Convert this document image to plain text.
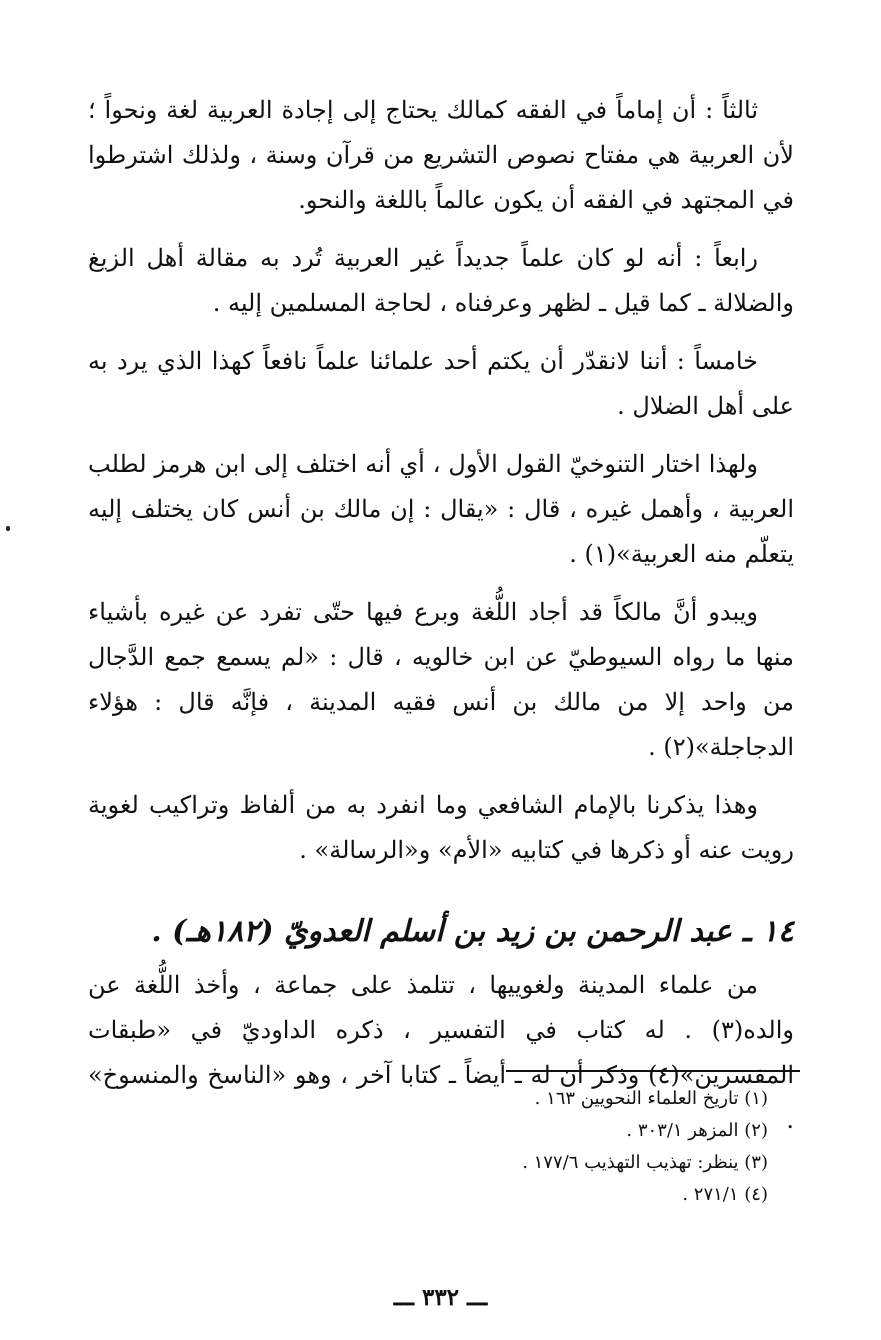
ثالثاً : أن إماماً في الفقه كمالك يحتاج إلى إجادة العربية لغة ونحواً ؛ لأن العربية هي مفتاح نصوص التشريع من قرآن وسنة ، ولذلك اشترطوا في المجتهد في الفقه أن يكون عالماً باللغة والنحو.

رابعاً : أنه لو كان علماً جديداً غير العربية تُرد به مقالة أهل الزيغ والضلالة ـ كما قيل ـ لظهر وعرفناه ، لحاجة المسلمين إليه .

خامساً : أننا لانقدّر أن يكتم أحد علمائنا علماً نافعاً كهذا الذي يرد به على أهل الضلال .

ولهذا اختار التنوخيّ القول الأول ، أي أنه اختلف إلى ابن هرمز لطلب العربية ، وأهمل غيره ، قال : «يقال : إن مالك بن أنس كان يختلف إليه يتعلّم منه العربية»(١) .

ويبدو أنَّ مالكاً قد أجاد اللُّغة وبرع فيها حتّى تفرد عن غيره بأشياء منها ما رواه السيوطيّ عن ابن خالويه ، قال : «لم يسمع جمع الدَّجال من واحد إلا من مالك بن أنس فقيه المدينة ، فإنَّه قال : هؤلاء الدجاجلة»(٢) .

وهذا يذكرنا بالإمام الشافعي وما انفرد به من ألفاظ وتراكيب لغوية رويت عنه أو ذكرها في كتابيه «الأم» و«الرسالة» .

١٤ ـ عبد الرحمن بن زيد بن أسلم العدويّ (١٨٢هـ) .

من علماء المدينة ولغوييها ، تتلمذ على جماعة ، وأخذ اللُّغة عن والده(٣) . له كتاب في التفسير ، ذكره الداوديّ في «طبقات المفسرين»(٤) وذكر أن له ـ أيضاً ـ كتابا آخر ، وهو «الناسخ والمنسوخ» .

(١) تاريخ العلماء النحويين ١٦٣ .

(٢) المزهر ٣٠٣/١ .

(٣) ينظر: تهذيب التهذيب ١٧٧/٦ .

(٤) ٢٧١/١ .

ـــ ٣٣٢ ـــ
